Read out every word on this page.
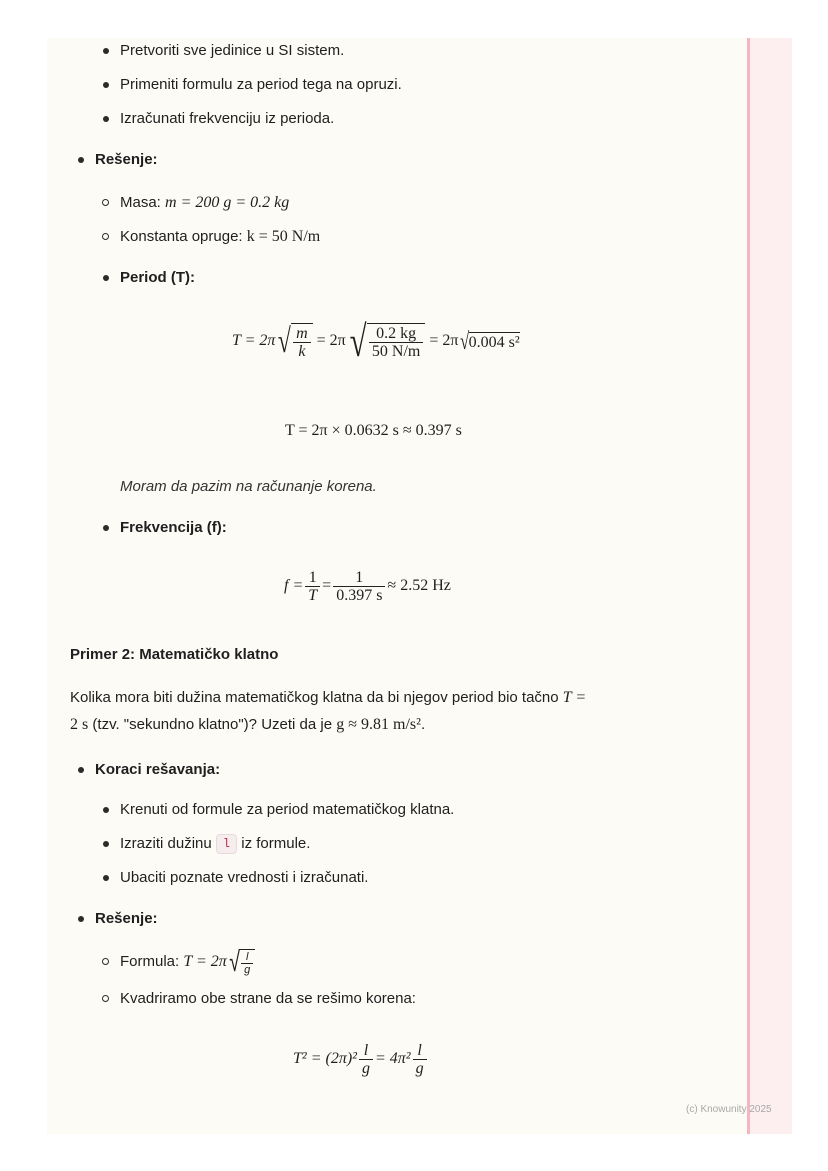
Pretvoriti sve jedinice u SI sistem.
Primeniti formulu za period tega na opruzi.
Izračunati frekvenciju iz perioda.
Rešenje:
Masa: m = 200 g = 0.2 kg
Konstanta opruge: k = 50 N/m
Period (T):
$T = 2\pi√ \frac{m}{k} = 2\pi√ \frac{0.2 kg}{50 N/m} = 2\pi√0.004$ s²
T = 2π × 0.0632 s ≈ 0.397 s
Moram da pazim na računanje korena.
Frekvencija (f):
$f = \frac{1}{T} = \frac{1}{0.397 s} \approx 2.52$ Hz
Primer 2: Matematičko klatno
Kolika mora biti dužina matematičkog klatna da bi njegov period bio tačno T =
2 s (tzv. "sekundno klatno")? Uzeti da je g ≈ 9.81 m/s².
Koraci rešavanja:
Krenuti od formule za period matematičkog klatna.
Izraziti dužinu l iz formule.
Ubaciti poznate vrednosti i izračunati.
Rešenje:
Formula: $T = 2\pi√ \frac{l}{g}$
Kvadriramo obe strane da se rešimo korena:
$T^2 = (2\pi)^2 \frac{l}{g} = 4\pi^2 \frac{l}{g}$
(c) Knowunity 2025
